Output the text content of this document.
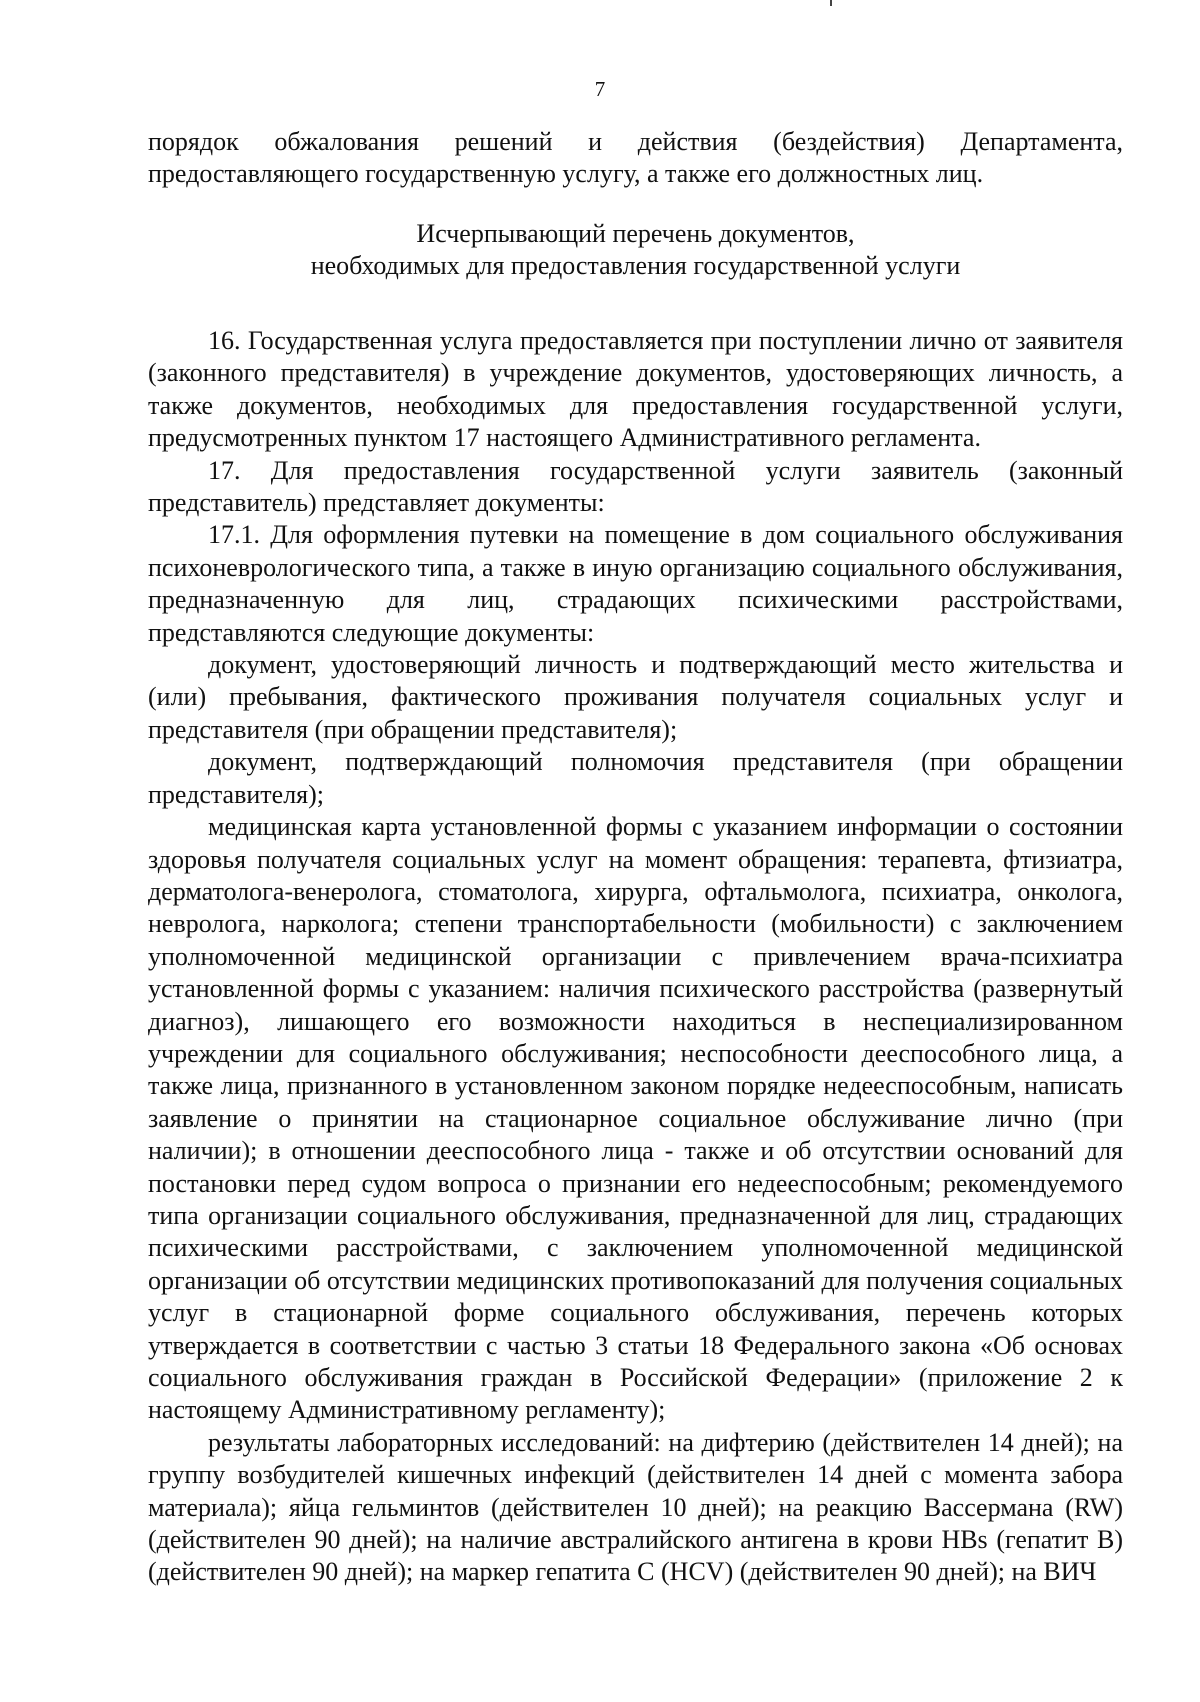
7
порядок обжалования решений и действия (бездействия) Департамента, предоставляющего государственную услугу, а также его должностных лиц.

Исчерпывающий перечень документов,

необходимых для предоставления государственной услуги

16. Государственная услуга предоставляется при поступлении лично от заявителя (законного представителя) в учреждение документов, удостоверяющих личность, а также документов, необходимых для предоставления государственной услуги, предусмотренных пунктом 17 настоящего Административного регламента.

17. Для предоставления государственной услуги заявитель (законный представитель) представляет документы:

17.1. Для оформления путевки на помещение в дом социального обслуживания психоневрологического типа, а также в иную организацию социального обслуживания, предназначенную для лиц, страдающих психическими расстройствами, представляются следующие документы:

документ, удостоверяющий личность и подтверждающий место жительства и (или) пребывания, фактического проживания получателя социальных услуг и представителя (при обращении представителя);

документ, подтверждающий полномочия представителя (при обращении представителя);

медицинская карта установленной формы с указанием информации о состоянии здоровья получателя социальных услуг на момент обращения: терапевта, фтизиатра, дерматолога-венеролога, стоматолога, хирурга, офтальмолога, психиатра, онколога, невролога, нарколога; степени транспортабельности (мобильности) с заключением уполномоченной медицинской организации с привлечением врача-психиатра установленной формы с указанием: наличия психического расстройства (развернутый диагноз), лишающего его возможности находиться в неспециализированном учреждении для социального обслуживания; неспособности дееспособного лица, а также лица, признанного в установленном законом порядке недееспособным, написать заявление о принятии на стационарное социальное обслуживание лично (при наличии); в отношении дееспособного лица - также и об отсутствии оснований для постановки перед судом вопроса о признании его недееспособным; рекомендуемого типа организации социального обслуживания, предназначенной для лиц, страдающих психическими расстройствами, с заключением уполномоченной медицинской организации об отсутствии медицинских противопоказаний для получения социальных услуг в стационарной форме социального обслуживания, перечень которых утверждается в соответствии с частью 3 статьи 18 Федерального закона «Об основах социального обслуживания граждан в Российской Федерации» (приложение 2 к настоящему Административному регламенту);

результаты лабораторных исследований: на дифтерию (действителен 14 дней); на группу возбудителей кишечных инфекций (действителен 14 дней с момента забора материала); яйца гельминтов (действителен 10 дней); на реакцию Вассермана (RW) (действителен 90 дней); на наличие австралийского антигена в крови HBs (гепатит В) (действителен 90 дней); на маркер гепатита С (HCV) (действителен 90 дней); на ВИЧ
